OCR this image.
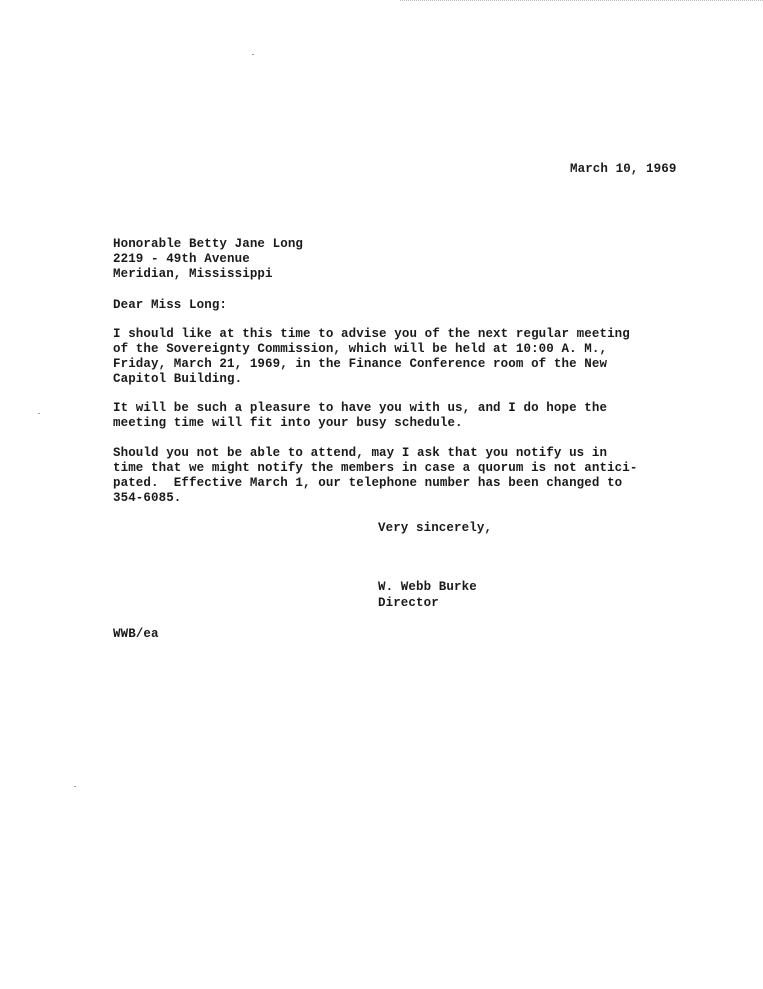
March 10, 1969
Honorable Betty Jane Long
2219 - 49th Avenue
Meridian, Mississippi
Dear Miss Long:
I should like at this time to advise you of the next regular meeting
of the Sovereignty Commission, which will be held at 10:00 A. M.,
Friday, March 21, 1969, in the Finance Conference room of the New
Capitol Building.
It will be such a pleasure to have you with us, and I do hope the
meeting time will fit into your busy schedule.
Should you not be able to attend, may I ask that you notify us in
time that we might notify the members in case a quorum is not antici-
pated.  Effective March 1, our telephone number has been changed to
354-6085.
Very sincerely,
W. Webb Burke
Director
WWB/ea
